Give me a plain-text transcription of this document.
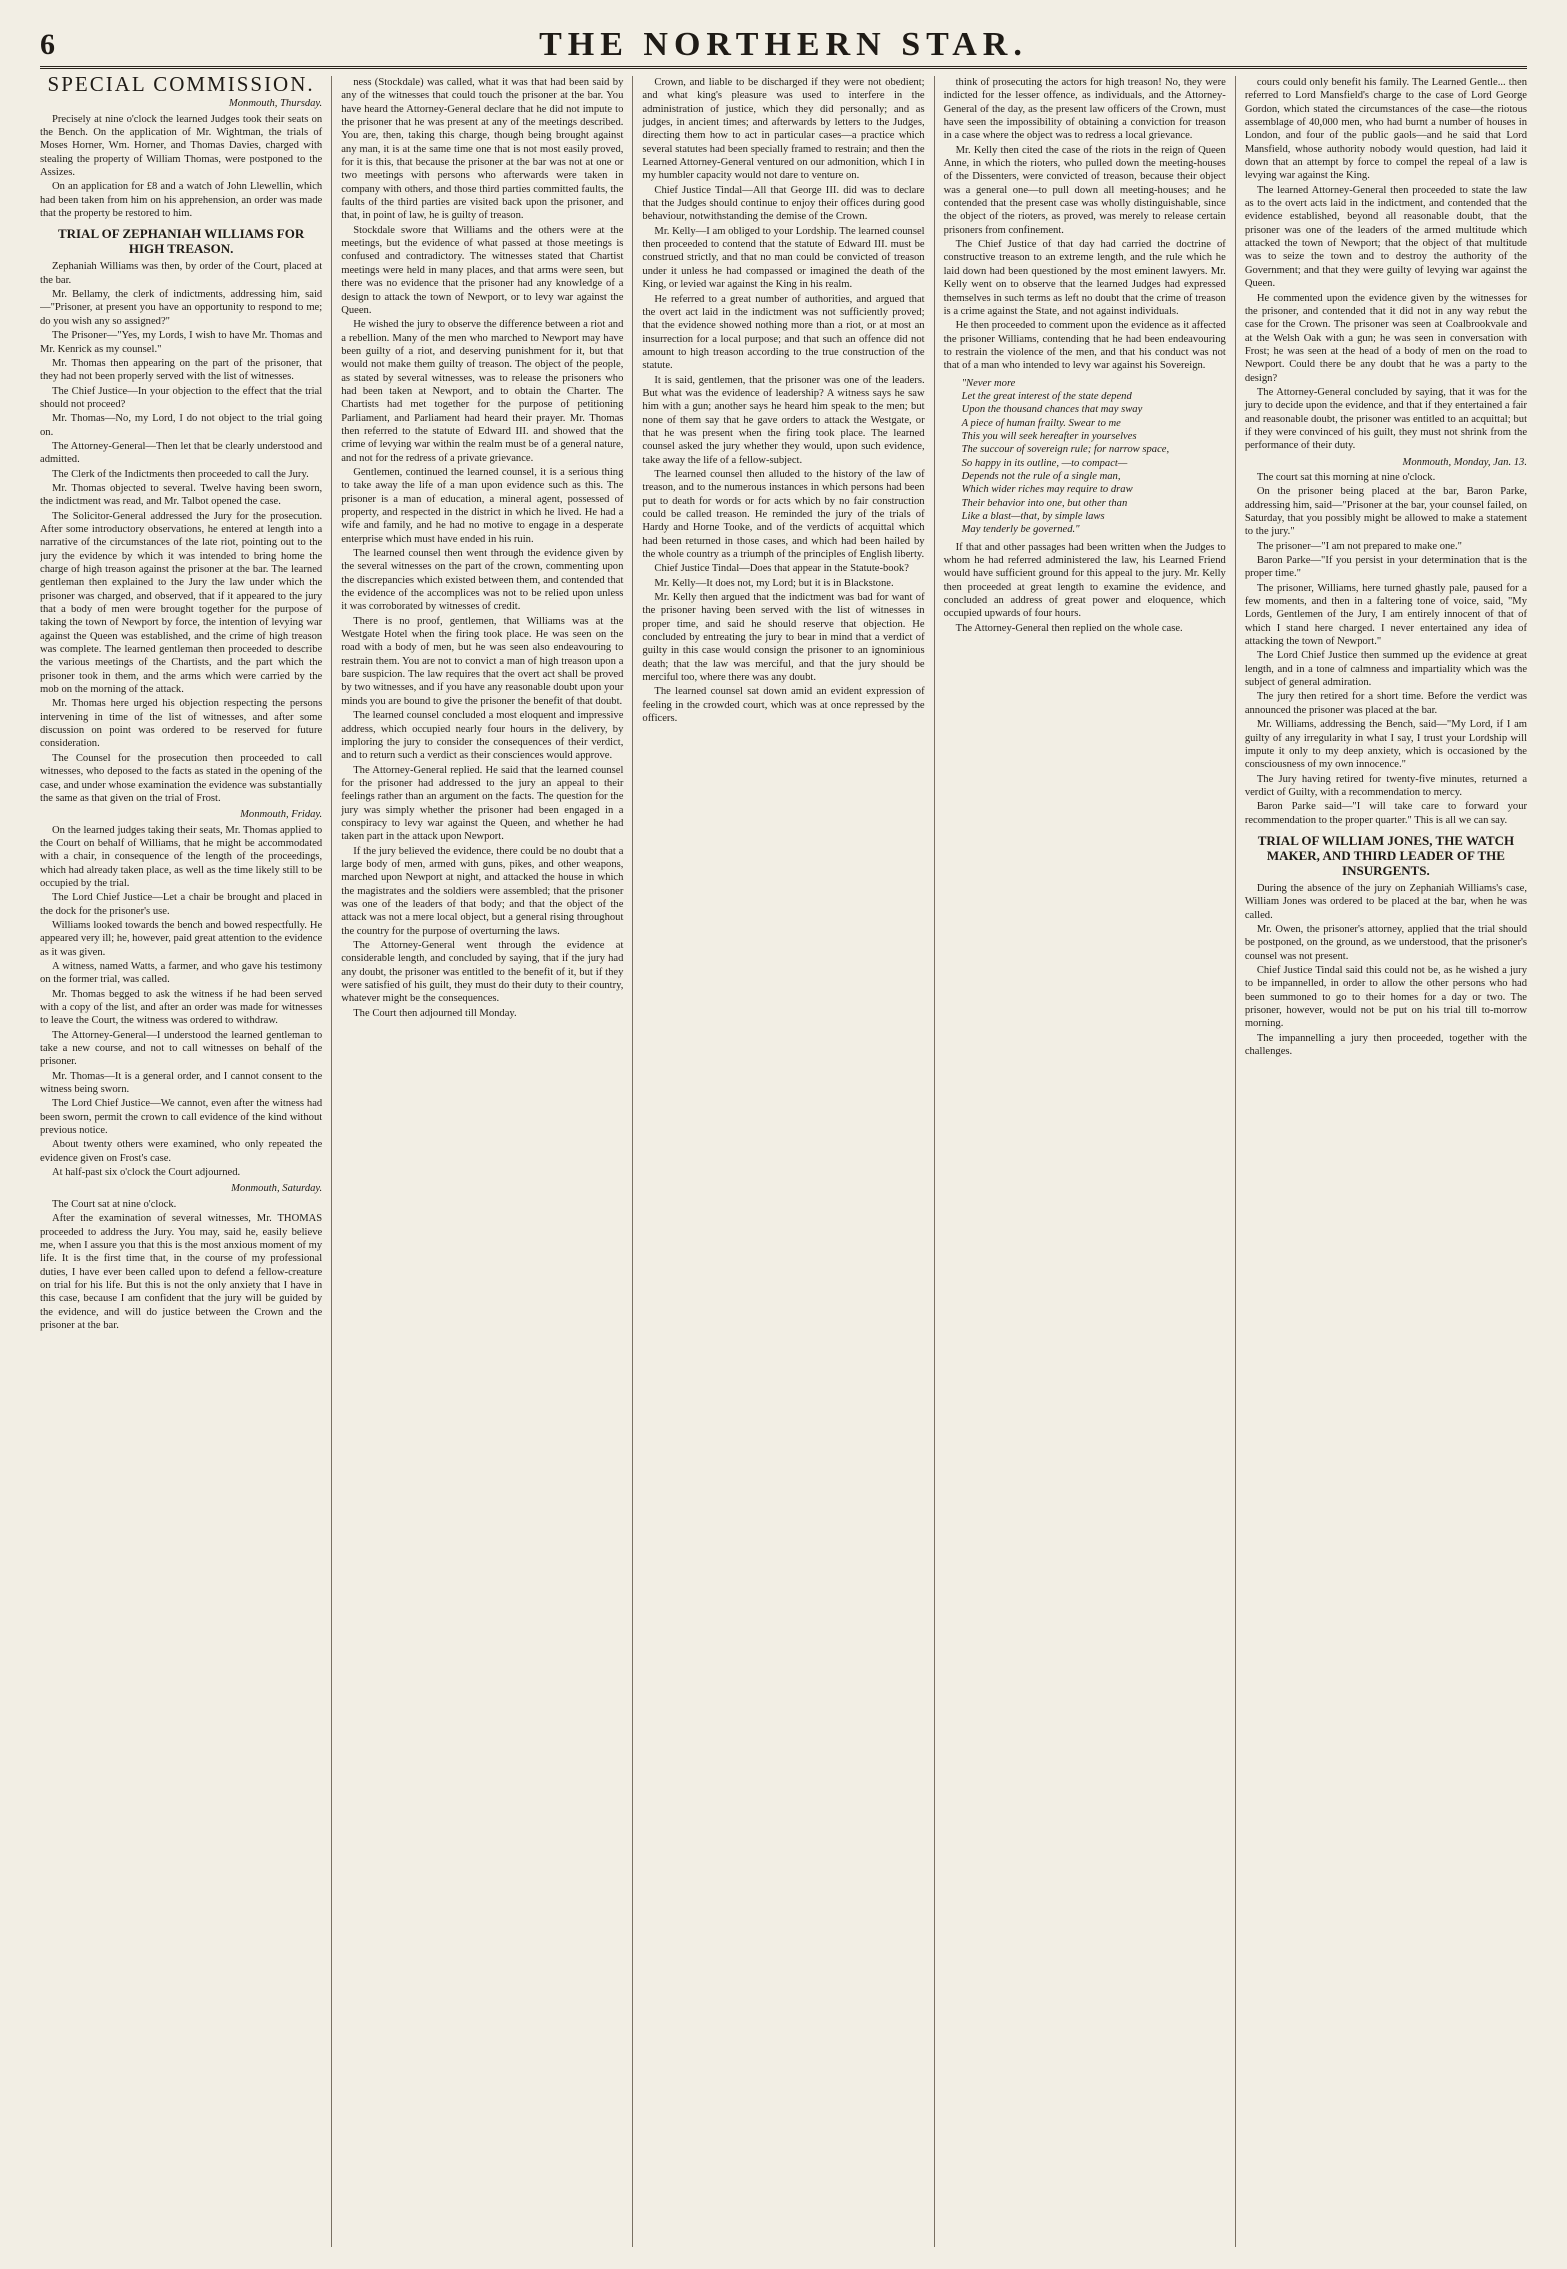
6	THE NORTHERN STAR.
SPECIAL COMMISSION.

Monmouth, Thursday.

Precisely at nine o'clock the learned Judges took their seats on the Bench. On the application of Mr. Wightman, the trials of Moses Horner, Wm. Horner, and Thomas Davies, charged with stealing the property of William Thomas, were postponed to the Assizes.

On an application for £8 and a watch of John Llewellin, which had been taken from him on his apprehension, an order was made that the property be restored to him.

TRIAL OF ZEPHANIAH WILLIAMS FOR HIGH TREASON.

Zephaniah Williams was then, by order of the Court, placed at the bar.

Mr. Bellamy, the clerk of indictments, addressing him, said—"Prisoner, at present you have an opportunity to respond to me; do you wish any so assigned?"

The Prisoner—"Yes, my Lords, I wish to have Mr. Thomas and Mr. Kenrick as my counsel."

Mr. Thomas then appearing on the part of the prisoner, that they had not been properly served with the list of witnesses.

The Chief Justice—In your objection to the effect that the trial should not proceed?

Mr. Thomas—No, my Lord, I do not object to the trial going on.

The Attorney-General—Then let that be clearly understood and admitted.

The Clerk of the Indictments then proceeded to call the Jury.

Mr. Thomas objected to several. Twelve having been sworn, the indictment was read, and Mr. Talbot opened the case.

The Solicitor-General addressed the Jury for the prosecution. After some introductory observations, he entered at length into a narrative of the circumstances of the late riot, pointing out to the jury the evidence by which it was intended to bring home the charge of high treason against the prisoner at the bar. The learned gentleman then explained to the Jury the law under which the prisoner was charged, and observed, that if it appeared to the jury that a body of men were brought together for the purpose of taking the town of Newport by force, the intention of levying war against the Queen was established, and the crime of high treason was complete. The learned gentleman then proceeded to describe the various meetings of the Chartists, and the part which the prisoner took in them, and the arms which were carried by the mob on the morning of the attack.

Mr. Thomas here urged his objection respecting the persons intervening in time of the list of witnesses, and after some discussion on point was ordered to be reserved for future consideration.

The Counsel for the prosecution then proceeded to call witnesses, who deposed to the facts as stated in the opening of the case, and under whose examination the evidence was substantially the same as that given on the trial of Frost.

Monmouth, Friday.

On the learned judges taking their seats, Mr. Thomas applied to the Court on behalf of Williams, that he might be accommodated with a chair, in consequence of the length of the proceedings, which had already taken place, as well as the time likely still to be occupied by the trial.

The Lord Chief Justice—Let a chair be brought and placed in the dock for the prisoner's use.

Williams looked towards the bench and bowed respectfully. He appeared very ill; he, however, paid great attention to the evidence as it was given.

A witness, named Watts, a farmer, and who gave his testimony on the former trial, was called.

Mr. Thomas begged to ask the witness if he had been served with a copy of the list, and after an order was made for witnesses to leave the Court, the witness was ordered to withdraw.

The Attorney-General—I understood the learned gentleman to take a new course, and not to call witnesses on behalf of the prisoner.

Mr. Thomas—It is a general order, and I cannot consent to the witness being sworn.

The Lord Chief Justice—We cannot, even after the witness had been sworn, permit the crown to call evidence of the kind without previous notice.

About twenty others were examined, who only repeated the evidence given on Frost's case.

At half-past six o'clock the Court adjourned.

Monmouth, Saturday.

The Court sat at nine o'clock.

After the examination of several witnesses, Mr. THOMAS proceeded to address the Jury. You may, said he, easily believe me, when I assure you that this is the most anxious moment of my life. It is the first time that, in the course of my professional duties, I have ever been called upon to defend a fellow-creature on trial for his life. But this is not the only anxiety that I have in this case, because I am confident that the jury will be guided by the evidence, and will do justice between the Crown and the prisoner at the bar.

ness (Stockdale) was called, what it was that had been said by any of the witnesses that could touch the prisoner at the bar. You have heard the Attorney-General declare that he did not impute to the prisoner that he was present at any of the meetings described. You are, then, taking this charge, though being brought against any man, it is at the same time one that is not most easily proved, for it is this, that because the prisoner at the bar was not at one or two meetings with persons who afterwards were taken in company with others, and those third parties committed faults, the faults of the third parties are visited back upon the prisoner, and that, in point of law, he is guilty of treason.

Stockdale swore that Williams and the others were at the meetings, but the evidence of what passed at those meetings is confused and contradictory. The witnesses stated that Chartist meetings were held in many places, and that arms were seen, but there was no evidence that the prisoner had any knowledge of a design to attack the town of Newport, or to levy war against the Queen.

He wished the jury to observe the difference between a riot and a rebellion. Many of the men who marched to Newport may have been guilty of a riot, and deserving punishment for it, but that would not make them guilty of treason. The object of the people, as stated by several witnesses, was to release the prisoners who had been taken at Newport, and to obtain the Charter. The Chartists had met together for the purpose of petitioning Parliament, and Parliament had heard their prayer. Mr. Thomas then referred to the statute of Edward III. and showed that the crime of levying war within the realm must be of a general nature, and not for the redress of a private grievance.

Gentlemen, continued the learned counsel, it is a serious thing to take away the life of a man upon evidence such as this. The prisoner is a man of education, a mineral agent, possessed of property, and respected in the district in which he lived. He had a wife and family, and he had no motive to engage in a desperate enterprise which must have ended in his ruin.

The learned counsel then went through the evidence given by the several witnesses on the part of the crown, commenting upon the discrepancies which existed between them, and contended that the evidence of the accomplices was not to be relied upon unless it was corroborated by witnesses of credit.

There is no proof, gentlemen, that Williams was at the Westgate Hotel when the firing took place. He was seen on the road with a body of men, but he was seen also endeavouring to restrain them. You are not to convict a man of high treason upon a bare suspicion. The law requires that the overt act shall be proved by two witnesses, and if you have any reasonable doubt upon your minds you are bound to give the prisoner the benefit of that doubt.

The learned counsel concluded a most eloquent and impressive address, which occupied nearly four hours in the delivery, by imploring the jury to consider the consequences of their verdict, and to return such a verdict as their consciences would approve.

The Attorney-General replied. He said that the learned counsel for the prisoner had addressed to the jury an appeal to their feelings rather than an argument on the facts. The question for the jury was simply whether the prisoner had been engaged in a conspiracy to levy war against the Queen, and whether he had taken part in the attack upon Newport.

If the jury believed the evidence, there could be no doubt that a large body of men, armed with guns, pikes, and other weapons, marched upon Newport at night, and attacked the house in which the magistrates and the soldiers were assembled; that the prisoner was one of the leaders of that body; and that the object of the attack was not a mere local object, but a general rising throughout the country for the purpose of overturning the laws.

The Attorney-General went through the evidence at considerable length, and concluded by saying, that if the jury had any doubt, the prisoner was entitled to the benefit of it, but if they were satisfied of his guilt, they must do their duty to their country, whatever might be the consequences.

The Court then adjourned till Monday.

Crown, and liable to be discharged if they were not obedient; and what king's pleasure was used to interfere in the administration of justice, which they did personally; and as judges, in ancient times; and afterwards by letters to the Judges, directing them how to act in particular cases—a practice which several statutes had been specially framed to restrain; and then the Learned Attorney-General ventured on our admonition, which I in my humbler capacity would not dare to venture on.

Chief Justice Tindal—All that George III. did was to declare that the Judges should continue to enjoy their offices during good behaviour, notwithstanding the demise of the Crown.

Mr. Kelly—I am obliged to your Lordship. The learned counsel then proceeded to contend that the statute of Edward III. must be construed strictly, and that no man could be convicted of treason under it unless he had compassed or imagined the death of the King, or levied war against the King in his realm.

He referred to a great number of authorities, and argued that the overt act laid in the indictment was not sufficiently proved; that the evidence showed nothing more than a riot, or at most an insurrection for a local purpose; and that such an offence did not amount to high treason according to the true construction of the statute.

It is said, gentlemen, that the prisoner was one of the leaders. But what was the evidence of leadership? A witness says he saw him with a gun; another says he heard him speak to the men; but none of them say that he gave orders to attack the Westgate, or that he was present when the firing took place. The learned counsel asked the jury whether they would, upon such evidence, take away the life of a fellow-subject.

The learned counsel then alluded to the history of the law of treason, and to the numerous instances in which persons had been put to death for words or for acts which by no fair construction could be called treason. He reminded the jury of the trials of Hardy and Horne Tooke, and of the verdicts of acquittal which had been returned in those cases, and which had been hailed by the whole country as a triumph of the principles of English liberty.

Chief Justice Tindal—Does that appear in the Statute-book?

Mr. Kelly—It does not, my Lord; but it is in Blackstone.

Mr. Kelly then argued that the indictment was bad for want of the prisoner having been served with the list of witnesses in proper time, and said he should reserve that objection. He concluded by entreating the jury to bear in mind that a verdict of guilty in this case would consign the prisoner to an ignominious death; that the law was merciful, and that the jury should be merciful too, where there was any doubt.

The learned counsel sat down amid an evident expression of feeling in the crowded court, which was at once repressed by the officers.

think of prosecuting the actors for high treason! No, they were indicted for the lesser offence, as individuals, and the Attorney-General of the day, as the present law officers of the Crown, must have seen the impossibility of obtaining a conviction for treason in a case where the object was to redress a local grievance.

Mr. Kelly then cited the case of the riots in the reign of Queen Anne, in which the rioters, who pulled down the meeting-houses of the Dissenters, were convicted of treason, because their object was a general one—to pull down all meeting-houses; and he contended that the present case was wholly distinguishable, since the object of the rioters, as proved, was merely to release certain prisoners from confinement.

The Chief Justice of that day had carried the doctrine of constructive treason to an extreme length, and the rule which he laid down had been questioned by the most eminent lawyers. Mr. Kelly went on to observe that the learned Judges had expressed themselves in such terms as left no doubt that the crime of treason is a crime against the State, and not against individuals.

He then proceeded to comment upon the evidence as it affected the prisoner Williams, contending that he had been endeavouring to restrain the violence of the men, and that his conduct was not that of a man who intended to levy war against his Sovereign.

"Never more
Let the great interest of the state depend
Upon the thousand chances that may sway
A piece of human frailty. Swear to me
This you will seek hereafter in yourselves
The succour of sovereign rule; for narrow space,
So happy in its outline, —to compact—
Depends not the rule of a single man,
Which wider riches may require to draw
Their behavior into one, but other than
Like a blast—that, by simple laws
May tenderly be governed."

If that and other passages had been written when the Judges to whom he had referred administered the law, his Learned Friend would have sufficient ground for this appeal to the jury. Mr. Kelly then proceeded at great length to examine the evidence, and concluded an address of great power and eloquence, which occupied upwards of four hours.

The Attorney-General then replied on the whole case.

cours could only benefit his family. The Learned Gentle... then referred to Lord Mansfield's charge to the case of Lord George Gordon, which stated the circumstances of the case—the riotous assemblage of 40,000 men, who had burnt a number of houses in London, and four of the public gaols—and he said that Lord Mansfield, whose authority nobody would question, had laid it down that an attempt by force to compel the repeal of a law is levying war against the King.

The learned Attorney-General then proceeded to state the law as to the overt acts laid in the indictment, and contended that the evidence established, beyond all reasonable doubt, that the prisoner was one of the leaders of the armed multitude which attacked the town of Newport; that the object of that multitude was to seize the town and to destroy the authority of the Government; and that they were guilty of levying war against the Queen.

He commented upon the evidence given by the witnesses for the prisoner, and contended that it did not in any way rebut the case for the Crown. The prisoner was seen at Coalbrookvale and at the Welsh Oak with a gun; he was seen in conversation with Frost; he was seen at the head of a body of men on the road to Newport. Could there be any doubt that he was a party to the design?

The Attorney-General concluded by saying, that it was for the jury to decide upon the evidence, and that if they entertained a fair and reasonable doubt, the prisoner was entitled to an acquittal; but if they were convinced of his guilt, they must not shrink from the performance of their duty.

Monmouth, Monday, Jan. 13.

The court sat this morning at nine o'clock.

On the prisoner being placed at the bar, Baron Parke, addressing him, said—"Prisoner at the bar, your counsel failed, on Saturday, that you possibly might be allowed to make a statement to the jury."

The prisoner—"I am not prepared to make one."

Baron Parke—"If you persist in your determination that is the proper time."

The prisoner, Williams, here turned ghastly pale, paused for a few moments, and then in a faltering tone of voice, said, "My Lords, Gentlemen of the Jury, I am entirely innocent of that of which I stand here charged. I never entertained any idea of attacking the town of Newport."

The Lord Chief Justice then summed up the evidence at great length, and in a tone of calmness and impartiality which was the subject of general admiration.

The jury then retired for a short time. Before the verdict was announced the prisoner was placed at the bar.

Mr. Williams, addressing the Bench, said—"My Lord, if I am guilty of any irregularity in what I say, I trust your Lordship will impute it only to my deep anxiety, which is occasioned by the consciousness of my own innocence."

The Jury having retired for twenty-five minutes, returned a verdict of Guilty, with a recommendation to mercy.

Baron Parke said—"I will take care to forward your recommendation to the proper quarter." This is all we can say.

TRIAL OF WILLIAM JONES, THE WATCH MAKER, AND THIRD LEADER OF THE INSURGENTS.

During the absence of the jury on Zephaniah Williams's case, William Jones was ordered to be placed at the bar, when he was called.

Mr. Owen, the prisoner's attorney, applied that the trial should be postponed, on the ground, as we understood, that the prisoner's counsel was not present.

Chief Justice Tindal said this could not be, as he wished a jury to be impannelled, in order to allow the other persons who had been summoned to go to their homes for a day or two. The prisoner, however, would not be put on his trial till to-morrow morning.

The impannelling a jury then proceeded, together with the challenges.
